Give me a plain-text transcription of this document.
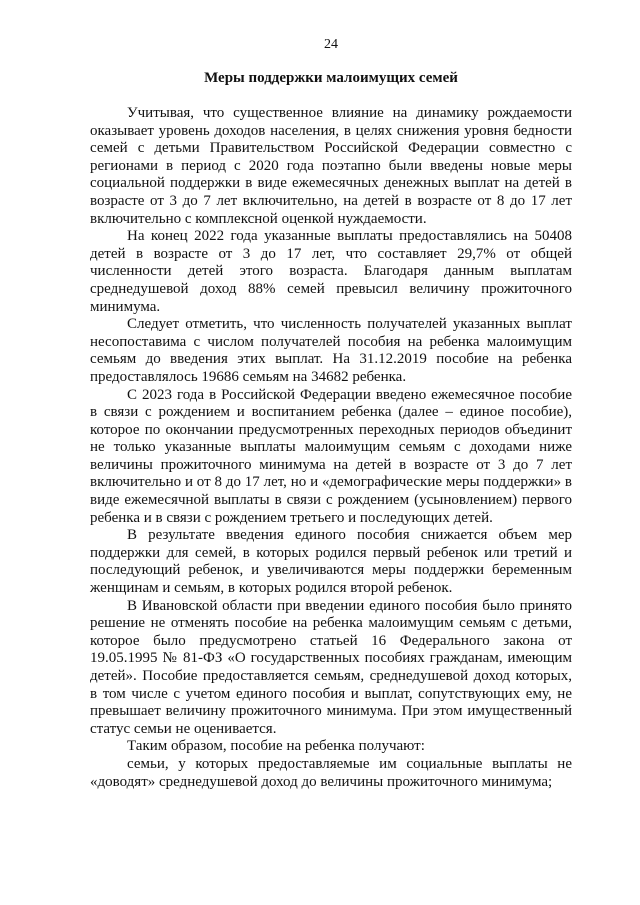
24
Меры поддержки малоимущих семей

Учитывая, что существенное влияние на динамику рождаемости оказывает уровень доходов населения, в целях снижения уровня бедности семей с детьми Правительством Российской Федерации совместно с регионами в период с 2020 года поэтапно были введены новые меры социальной поддержки в виде ежемесячных денежных выплат на детей в возрасте от 3 до 7 лет включительно, на детей в возрасте от 8 до 17 лет включительно с комплексной оценкой нуждаемости.

На конец 2022 года указанные выплаты предоставлялись на 50408 детей в возрасте от 3 до 17 лет, что составляет 29,7% от общей численности детей этого возраста. Благодаря данным выплатам среднедушевой доход 88% семей превысил величину прожиточного минимума.

Следует отметить, что численность получателей указанных выплат несопоставима с числом получателей пособия на ребенка малоимущим семьям до введения этих выплат. На 31.12.2019 пособие на ребенка предоставлялось 19686 семьям на 34682 ребенка.

С 2023 года в Российской Федерации введено ежемесячное пособие в связи с рождением и воспитанием ребенка (далее – единое пособие), которое по окончании предусмотренных переходных периодов объединит не только указанные выплаты малоимущим семьям с доходами ниже величины прожиточного минимума на детей в возрасте от 3 до 7 лет включительно и от 8 до 17 лет, но и «демографические меры поддержки» в виде ежемесячной выплаты в связи с рождением (усыновлением) первого ребенка и в связи с рождением третьего и последующих детей.

В результате введения единого пособия снижается объем мер поддержки для семей, в которых родился первый ребенок или третий и последующий ребенок, и увеличиваются меры поддержки беременным женщинам и семьям, в которых родился второй ребенок.

В Ивановской области при введении единого пособия было принято решение не отменять пособие на ребенка малоимущим семьям с детьми, которое было предусмотрено статьей 16 Федерального закона от 19.05.1995 № 81-ФЗ «О государственных пособиях гражданам, имеющим детей». Пособие предоставляется семьям, среднедушевой доход которых, в том числе с учетом единого пособия и выплат, сопутствующих ему, не превышает величину прожиточного минимума. При этом имущественный статус семьи не оценивается.

Таким образом, пособие на ребенка получают:

семьи, у которых предоставляемые им социальные выплаты не «доводят» среднедушевой доход до величины прожиточного минимума;
